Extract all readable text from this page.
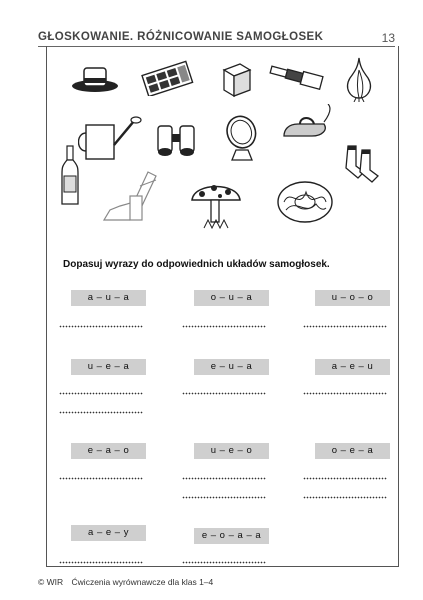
GŁOSKOWANIE. RÓŻNICOWANIE SAMOGŁOSEK	13
Dopasuj wyrazy do odpowiednich układów samogłosek.
a – u – a	o – u – a	u – o – o
u – e – a	e – u – a	a – e – u
e – a – o	u – e – o	o – e – a
a – e – y	e – o – a – a
© WIR Ćwiczenia wyrównawcze dla klas 1–4
